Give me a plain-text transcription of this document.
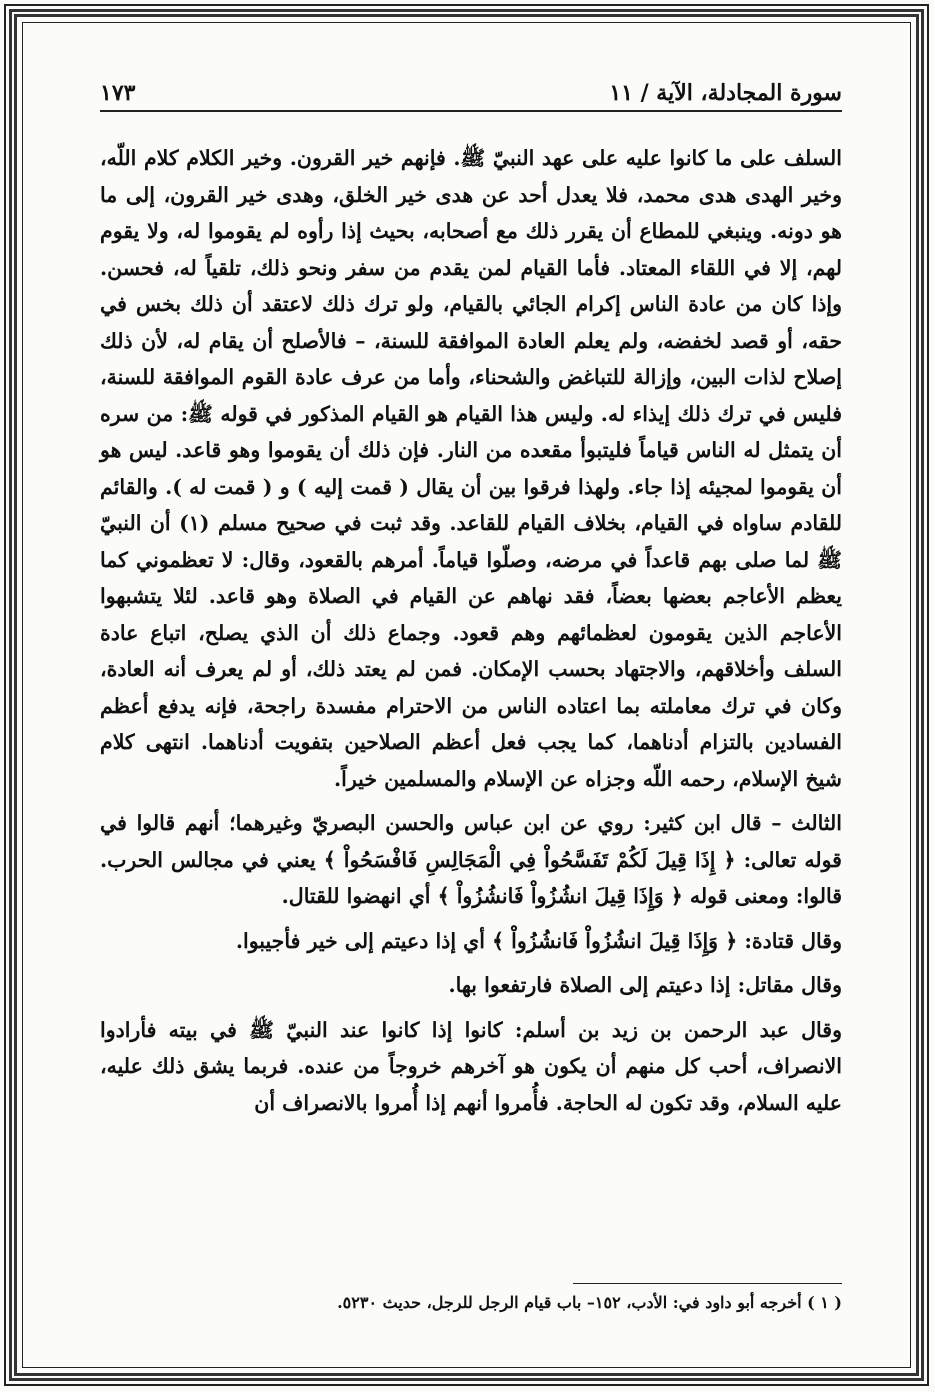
سورة المجادلة، الآية / ١١
١٧٣

السلف على ما كانوا عليه على عهد النبيّ ﷺ. فإنهم خير القرون. وخير الكلام كلام اللّه، وخير الهدى هدى محمد، فلا يعدل أحد عن هدى خير الخلق، وهدى خير القرون، إلى ما هو دونه. وينبغي للمطاع أن يقرر ذلك مع أصحابه، بحيث إذا رأوه لم يقوموا له، ولا يقوم لهم، إلا في اللقاء المعتاد. فأما القيام لمن يقدم من سفر ونحو ذلك، تلقياً له، فحسن. وإذا كان من عادة الناس إكرام الجائي بالقيام، ولو ترك ذلك لاعتقد أن ذلك بخس في حقه، أو قصد لخفضه، ولم يعلم العادة الموافقة للسنة، – فالأصلح أن يقام له، لأن ذلك إصلاح لذات البين، وإزالة للتباغض والشحناء، وأما من عرف عادة القوم الموافقة للسنة، فليس في ترك ذلك إيذاء له. وليس هذا القيام هو القيام المذكور في قوله ﷺ: من سره أن يتمثل له الناس قياماً فليتبوأ مقعده من النار. فإن ذلك أن يقوموا وهو قاعد. ليس هو أن يقوموا لمجيئه إذا جاء. ولهذا فرقوا بين أن يقال ( قمت إليه ) و ( قمت له ). والقائم للقادم ساواه في القيام، بخلاف القيام للقاعد. وقد ثبت في صحيح مسلم (١) أن النبيّ ﷺ لما صلى بهم قاعداً في مرضه، وصلّوا قياماً. أمرهم بالقعود، وقال: لا تعظموني كما يعظم الأعاجم بعضها بعضاً، فقد نهاهم عن القيام في الصلاة وهو قاعد. لئلا يتشبهوا الأعاجم الذين يقومون لعظمائهم وهم قعود. وجماع ذلك أن الذي يصلح، اتباع عادة السلف وأخلاقهم، والاجتهاد بحسب الإمكان. فمن لم يعتد ذلك، أو لم يعرف أنه العادة، وكان في ترك معاملته بما اعتاده الناس من الاحترام مفسدة راجحة، فإنه يدفع أعظم الفسادين بالتزام أدناهما، كما يجب فعل أعظم الصلاحين بتفويت أدناهما. انتهى كلام شيخ الإسلام، رحمه اللّه وجزاه عن الإسلام والمسلمين خيراً.

الثالث – قال ابن كثير: روي عن ابن عباس والحسن البصريّ وغيرهما؛ أنهم قالوا في قوله تعالى: ﴿ إِذَا قِيلَ لَكُمْ تَفَسَّحُواْ فِي الْمَجَالِسِ فَافْسَحُواْ ﴾ يعني في مجالس الحرب. قالوا: ومعنى قوله ﴿ وَإِذَا قِيلَ انشُزُواْ فَانشُزُواْ ﴾ أي انهضوا للقتال.

وقال قتادة: ﴿ وَإِذَا قِيلَ انشُزُواْ فَانشُزُواْ ﴾ أي إذا دعيتم إلى خير فأجيبوا.

وقال مقاتل: إذا دعيتم إلى الصلاة فارتفعوا بها.

وقال عبد الرحمن بن زيد بن أسلم: كانوا إذا كانوا عند النبيّ ﷺ في بيته فأرادوا الانصراف، أحب كل منهم أن يكون هو آخرهم خروجاً من عنده. فربما يشق ذلك عليه، عليه السلام، وقد تكون له الحاجة. فأُمروا أنهم إذا أُمروا بالانصراف أن

( ١ ) أخرجه أبو داود في: الأدب، ١٥٢– باب قيام الرجل للرجل، حديث ٥٢٣٠.
